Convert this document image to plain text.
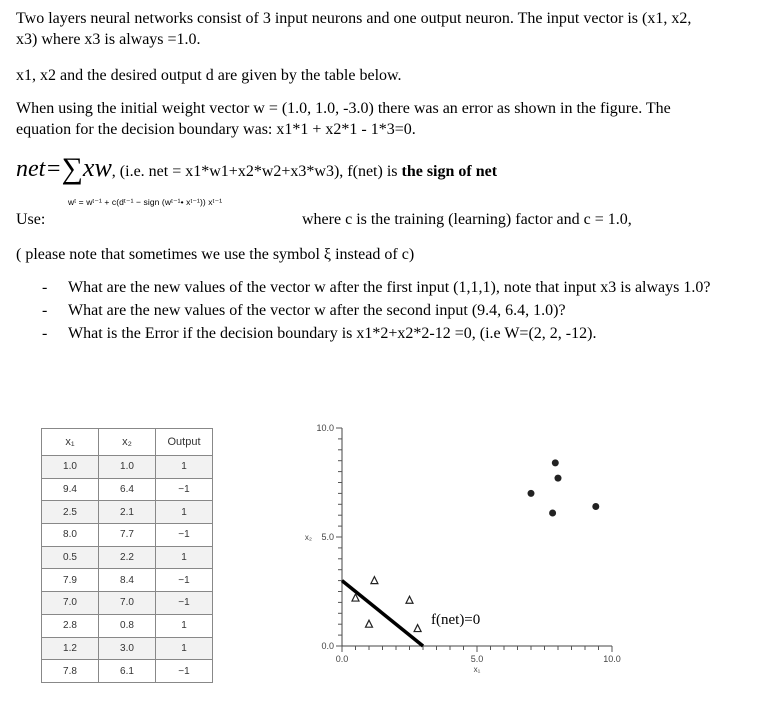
Two layers neural networks consist of 3 input neurons and one output neuron. The input vector is (x1, x2, x3) where x3 is always =1.0.
x1, x2 and the desired output d are given by the table below.
When using the initial weight vector w = (1.0, 1.0, -3.0) there was an error as shown in the figure. The equation for the decision boundary was: x1*1 + x2*1 - 1*3=0.
net=∑xw, (i.e. net = x1*w1+x2*w2+x3*w3), f(net) is the sign of net
Use:
wᵗ = wᵗ⁻¹ + c(dᵗ⁻¹ − sign (wᵗ⁻¹• xᵗ⁻¹)) xᵗ⁻¹
where c is the training (learning) factor and c = 1.0,
( please note that sometimes we use the symbol ξ instead of c)
- What are the new values of the vector w after the first input (1,1,1), note that input x3 is always 1.0?
- What are the new values of the vector w after the second input (9.4, 6.4, 1.0)?
- What is the Error if the decision boundary is x1*2+x2*2-12 =0, (i.e W=(2, 2, -12).
x₁	x₂	Output
1.0	1.0	1
9.4	6.4	−1
2.5	2.1	1
8.0	7.7	−1
0.5	2.2	1
7.9	8.4	−1
7.0	7.0	−1
2.8	0.8	1
1.2	3.0	1
7.8	6.1	−1
0.0	5.0	10.0
0.0
5.0
10.0
x₁
x₂
f(net)=0
